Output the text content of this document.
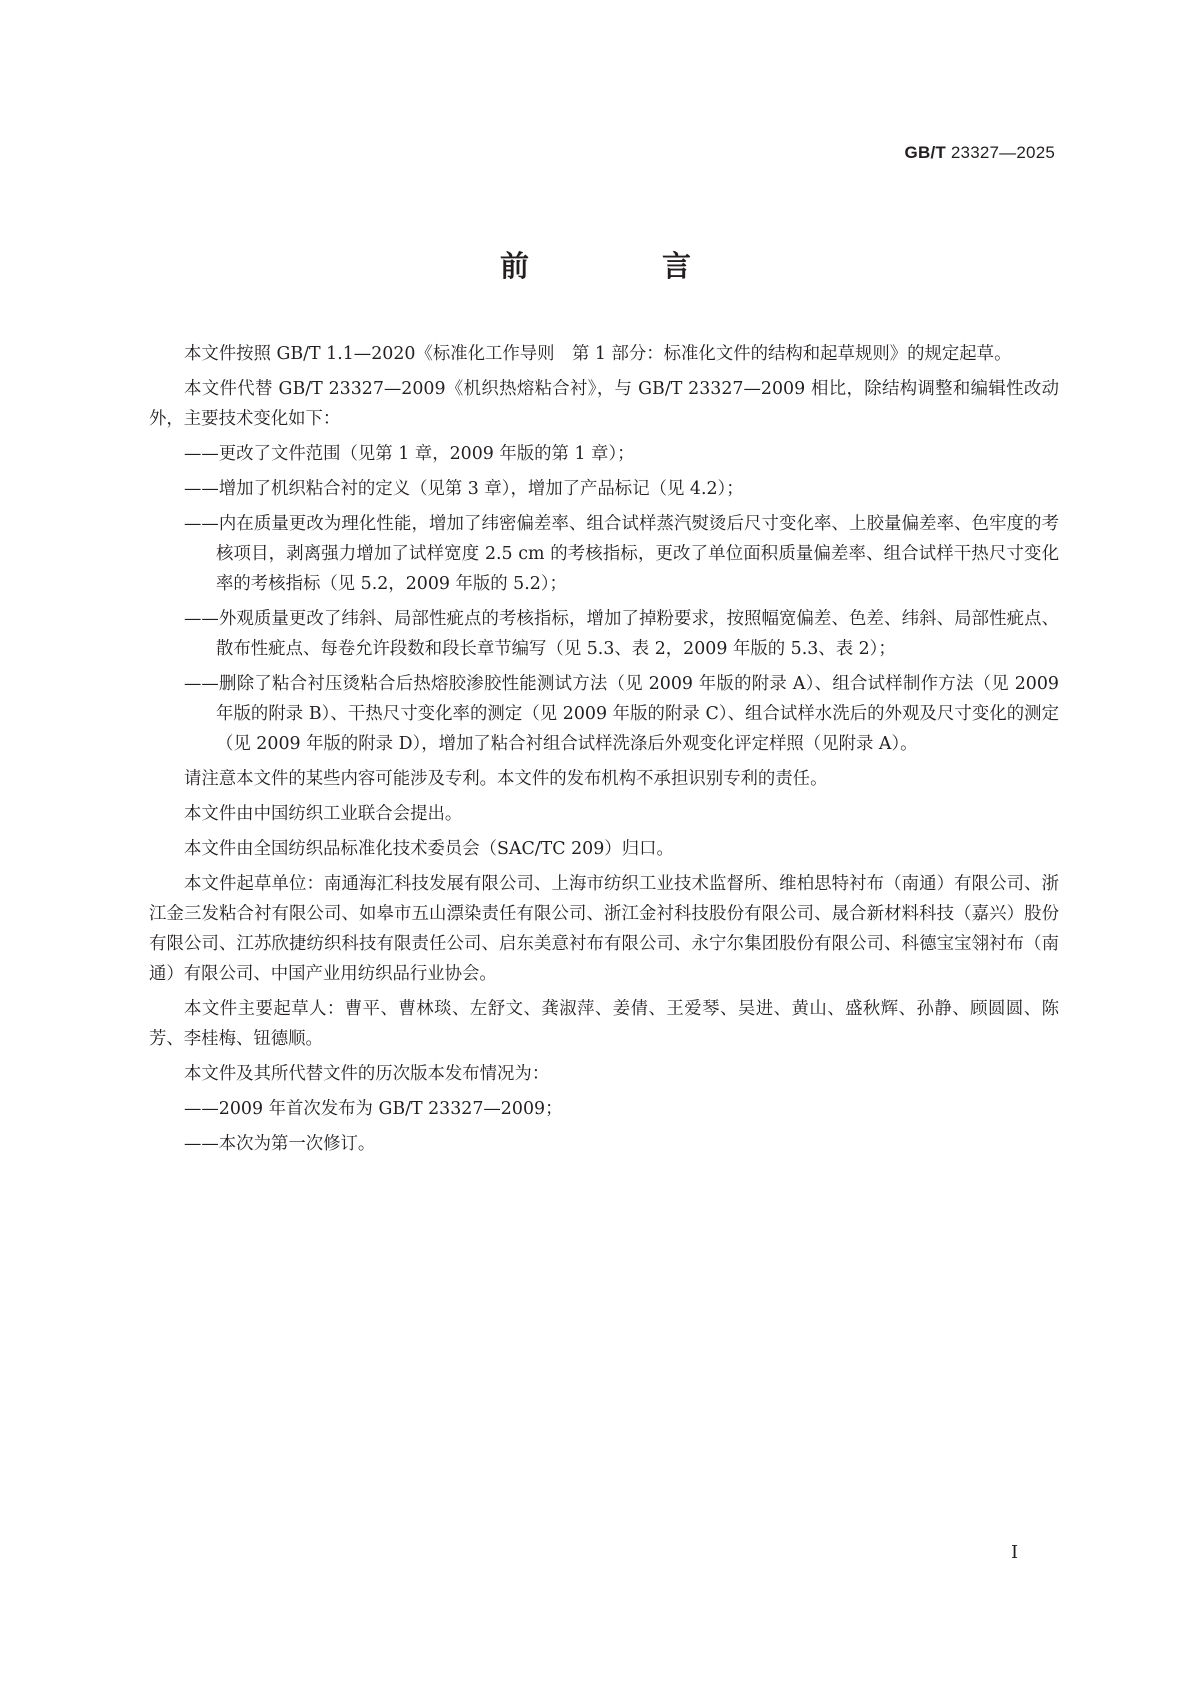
GB/T 23327—2025
前　言

本文件按照 GB/T 1.1—2020《标准化工作导则　第 1 部分：标准化文件的结构和起草规则》的规定起草。

本文件代替 GB/T 23327—2009《机织热熔粘合衬》，与 GB/T 23327—2009 相比，除结构调整和编辑性改动外，主要技术变化如下：

——更改了文件范围（见第 1 章，2009 年版的第 1 章）；
——增加了机织粘合衬的定义（见第 3 章），增加了产品标记（见 4.2）；
——内在质量更改为理化性能，增加了纬密偏差率、组合试样蒸汽熨烫后尺寸变化率、上胶量偏差率、色牢度的考核项目，剥离强力增加了试样宽度 2.5 cm 的考核指标，更改了单位面积质量偏差率、组合试样干热尺寸变化率的考核指标（见 5.2，2009 年版的 5.2）；
——外观质量更改了纬斜、局部性疵点的考核指标，增加了掉粉要求，按照幅宽偏差、色差、纬斜、局部性疵点、散布性疵点、每卷允许段数和段长章节编写（见 5.3、表 2，2009 年版的 5.3、表 2）；
——删除了粘合衬压烫粘合后热熔胶渗胶性能测试方法（见 2009 年版的附录 A）、组合试样制作方法（见 2009 年版的附录 B）、干热尺寸变化率的测定（见 2009 年版的附录 C）、组合试样水洗后的外观及尺寸变化的测定（见 2009 年版的附录 D），增加了粘合衬组合试样洗涤后外观变化评定样照（见附录 A）。

请注意本文件的某些内容可能涉及专利。本文件的发布机构不承担识别专利的责任。

本文件由中国纺织工业联合会提出。

本文件由全国纺织品标准化技术委员会（SAC/TC 209）归口。

本文件起草单位：南通海汇科技发展有限公司、上海市纺织工业技术监督所、维柏思特衬布（南通）有限公司、浙江金三发粘合衬有限公司、如皋市五山漂染责任有限公司、浙江金衬科技股份有限公司、晟合新材料科技（嘉兴）股份有限公司、江苏欣捷纺织科技有限责任公司、启东美意衬布有限公司、永宁尔集团股份有限公司、科德宝宝翎衬布（南通）有限公司、中国产业用纺织品行业协会。

本文件主要起草人：曹平、曹林琰、左舒文、龚淑萍、姜倩、王爱琴、吴进、黄山、盛秋辉、孙静、顾圆圆、陈芳、李桂梅、钮德顺。

本文件及其所代替文件的历次版本发布情况为：

——2009 年首次发布为 GB/T 23327—2009；
——本次为第一次修订。
Ⅰ
